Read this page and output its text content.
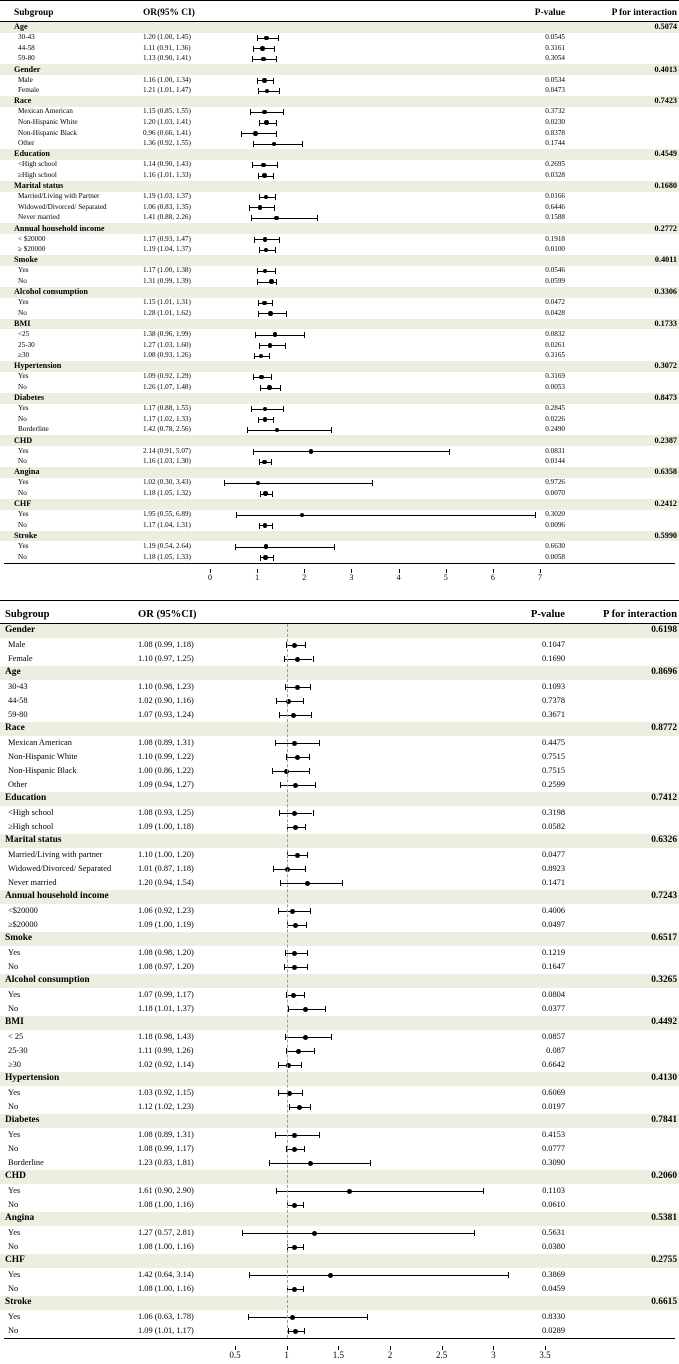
Subgroup	OR(95% CI)	P-value	P for interaction
Age	0.5074
30-43	1.20 (1.00, 1.45)	0.0545
44-58	1.11 (0.91, 1.36)	0.3161
59-80	1.13 (0.90, 1.41)	0.3054
Gender	0.4013
Male	1.16 (1.00, 1.34)	0.0534
Female	1.21 (1.01, 1.47)	0.0473
Race	0.7423
Mexican American	1.15 (0.85, 1.55)	0.3732
Non-Hispanic White	1.20 (1.03, 1.41)	0.0230
Non-Hispanic Black	0.96 (0.66, 1.41)	0.8378
Other	1.36 (0.92, 1.55)	0.1744
Education	0.4549
<High school	1.14 (0.90, 1.43)	0.2695
≥High school	1.16 (1.01, 1.33)	0.0328
Marital status	0.1680
Married/Living with Partner	1.19 (1.03, 1.37)	0.0166
Widowed/Divorced/ Separated	1.06 (0.83, 1.35)	0.6446
Never married	1.41 (0.88, 2.26)	0.1588
Annual household income	0.2772
< $20000	1.17 (0.93, 1.47)	0.1918
≥ $20000	1.19 (1.04, 1.37)	0.0100
Smoke	0.4011
Yes	1.17 (1.00, 1.38)	0.0546
No	1.31 (0.99, 1.39)	0.0599
Alcohol consumption	0.3306
Yes	1.15 (1.01, 1.31)	0.0472
No	1.28 (1.01, 1.62)	0.0428
BMI	0.1733
<25	1.38 (0.96, 1.99)	0.0832
25-30	1.27 (1.03, 1.60)	0.0261
≥30	1.08 (0.93, 1.26)	0.3165
Hypertension	0.3072
Yes	1.09 (0.92, 1.29)	0.3169
No	1.26 (1.07, 1.48)	0.0053
Diabetes	0.8473
Yes	1.17 (0.88, 1.55)	0.2845
No	1.17 (1.02, 1.33)	0.0226
Borderline	1.42 (0.78, 2.56)	0.2490
CHD	0.2387
Yes	2.14 (0.91, 5.07)	0.0831
No	1.16 (1.03, 1.30)	0.0144
Angina	0.6358
Yes	1.02 (0.30, 3.43)	0.9726
No	1.18 (1.05, 1.32)	0.0070
CHF	0.2412
Yes	1.95 (0.55, 6.89)	0.3020
No	1.17 (1.04, 1.31)	0.0096
Stroke	0.5990
Yes	1.19 (0.54, 2.64)	0.6630
No	1.18 (1.05, 1.33)	0.0058
0	1	2	3	4	5	6	7
Subgroup	OR (95%CI)	P-value	P for interaction
Gender	0.6198
Male	1.08 (0.99, 1.18)	0.1047
Female	1.10 (0.97, 1.25)	0.1690
Age	0.8696
30-43	1.10 (0.98, 1.23)	0.1093
44-58	1.02 (0.90, 1.16)	0.7378
59-80	1.07 (0.93, 1.24)	0.3671
Race	0.8772
Mexican American	1.08 (0.89, 1.31)	0.4475
Non-Hispanic White	1.10 (0.99, 1.22)	0.7515
Non-Hispanic Black	1.00 (0.86, 1.22)	0.7515
Other	1.09 (0.94, 1.27)	0.2599
Education	0.7412
<High school	1.08 (0.93, 1.25)	0.3198
≥High school	1.09 (1.00, 1.18)	0.0582
Marital status	0.6326
Married/Living with partner	1.10 (1.00, 1.20)	0.0477
Widowed/Divorced/ Separated	1.01 (0.87, 1.18)	0.8923
Never married	1.20 (0.94, 1.54)	0.1471
Annual household income	0.7243
<$20000	1.06 (0.92, 1.23)	0.4006
≥$20000	1.09 (1.00, 1.19)	0.0497
Smoke	0.6517
Yes	1.08 (0.98, 1.20)	0.1219
No	1.08 (0.97, 1.20)	0.1647
Alcohol consumption	0.3265
Yes	1.07 (0.99, 1.17)	0.0804
No	1.18 (1.01, 1.37)	0.0377
BMI	0.4492
< 25	1.18 (0.98, 1.43)	0.0857
25-30	1.11 (0.99, 1.26)	0.087
≥30	1.02 (0.92, 1.14)	0.6642
Hypertension	0.4130
Yes	1.03 (0.92, 1.15)	0.6069
No	1.12 (1.02, 1.23)	0.0197
Diabetes	0.7841
Yes	1.08 (0.89, 1.31)	0.4153
No	1.08 (0.99, 1.17)	0.0777
Borderline	1.23 (0.83, 1.81)	0.3090
CHD	0.2060
Yes	1.61 (0.90, 2.90)	0.1103
No	1.08 (1.00, 1.16)	0.0610
Angina	0.5381
Yes	1.27 (0.57, 2.81)	0.5631
No	1.08 (1.00, 1.16)	0.0380
CHF	0.2755
Yes	1.42 (0.64, 3.14)	0.3869
No	1.08 (1.00, 1.16)	0.0459
Stroke	0.6615
Yes	1.06 (0.63, 1.78)	0.8330
No	1.09 (1.01, 1.17)	0.0289
0.5	1	1.5	2	2.5	3	3.5
